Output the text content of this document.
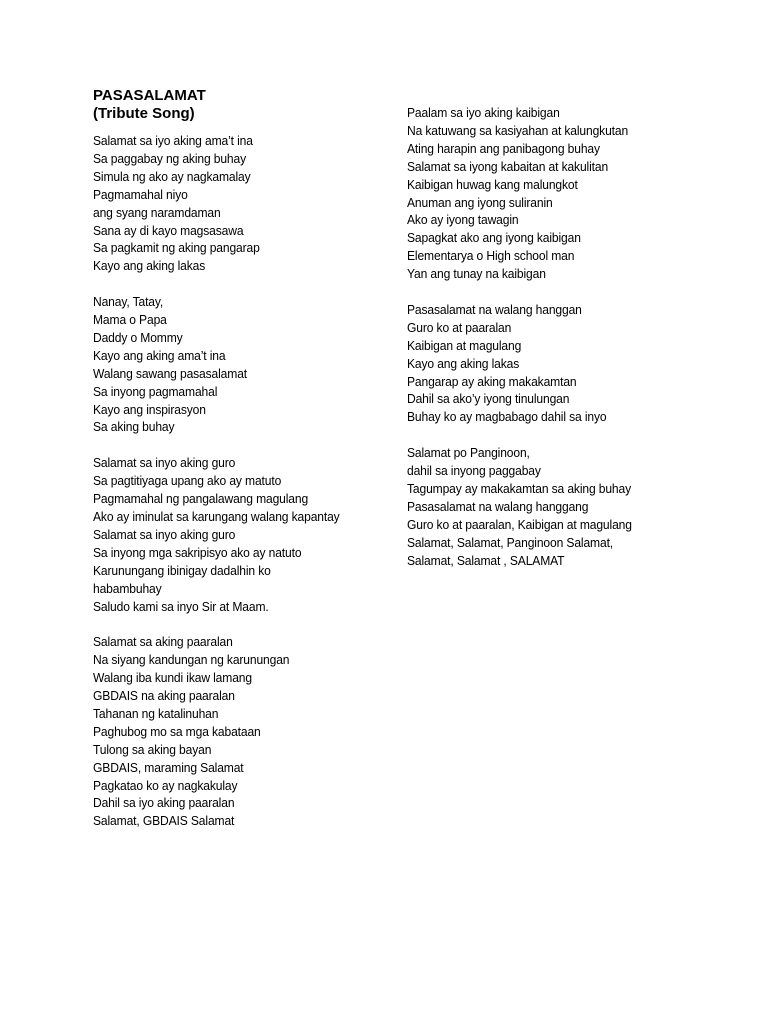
PASASALAMAT
(Tribute Song)
Salamat sa iyo aking ama’t ina
Sa paggabay ng aking buhay
Simula ng ako ay nagkamalay
Pagmamahal niyo
ang syang naramdaman
Sana ay di kayo magsasawa
Sa pagkamit ng aking pangarap
Kayo ang aking lakas
Nanay, Tatay,
Mama o Papa
Daddy o Mommy
Kayo ang aking ama’t ina
Walang sawang pasasalamat
Sa inyong pagmamahal
Kayo ang inspirasyon
Sa aking buhay
Salamat sa inyo aking guro
Sa pagtitiyaga upang ako ay matuto
Pagmamahal ng pangalawang magulang
Ako ay iminulat sa karungang walang kapantay
Salamat sa inyo aking guro
Sa inyong mga sakripisyo ako ay natuto
Karunungang ibinigay dadalhin ko
habambuhay
Saludo kami sa inyo Sir at Maam.
Salamat sa aking paaralan
Na siyang kandungan ng karunungan
Walang iba kundi ikaw lamang
GBDAIS na aking paaralan
Tahanan ng katalinuhan
Paghubog mo sa mga kabataan
Tulong sa aking bayan
GBDAIS, maraming Salamat
Pagkatao ko ay nagkakulay
Dahil sa iyo aking paaralan
Salamat, GBDAIS Salamat
Paalam sa iyo aking kaibigan
Na katuwang sa kasiyahan at kalungkutan
Ating harapin ang panibagong buhay
Salamat sa iyong kabaitan at kakulitan
Kaibigan huwag kang malungkot
Anuman ang iyong suliranin
Ako ay iyong tawagin
Sapagkat ako ang iyong kaibigan
Elementarya o High school man
Yan ang tunay na kaibigan
Pasasalamat na walang hanggan
Guro ko at paaralan
Kaibigan at magulang
Kayo ang aking lakas
Pangarap ay aking makakamtan
Dahil sa ako’y iyong tinulungan
Buhay ko ay magbabago dahil sa inyo
Salamat po Panginoon,
dahil sa inyong paggabay
Tagumpay ay makakamtan sa aking buhay
Pasasalamat na walang hanggang
Guro ko at paaralan, Kaibigan at magulang
Salamat, Salamat, Panginoon Salamat,
Salamat, Salamat , SALAMAT
